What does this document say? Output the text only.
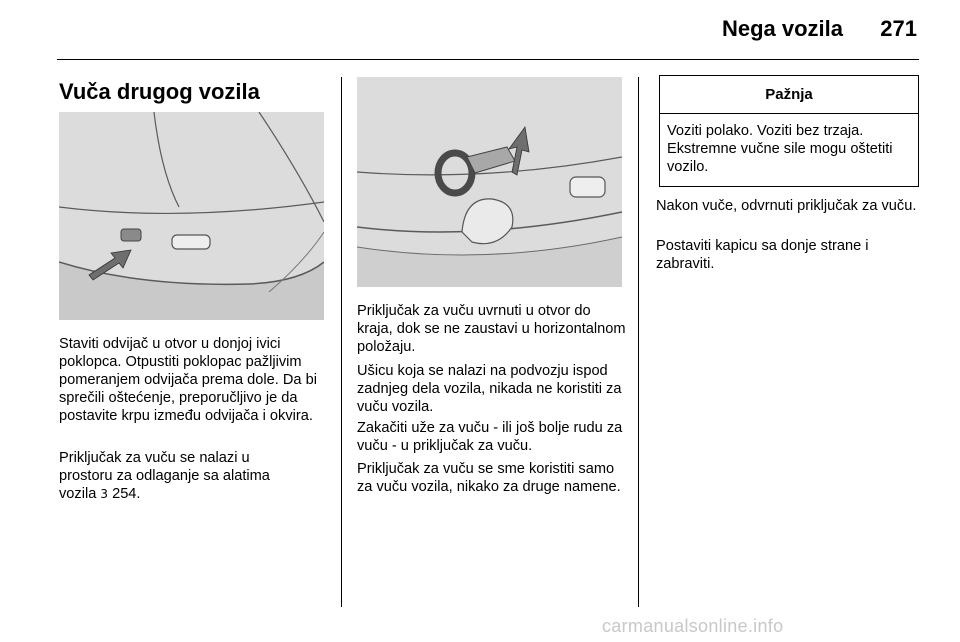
Nega vozila 271
Vuča drugog vozila
Staviti odvijač u otvor u donjoj ivici poklopca. Otpustiti poklopac pažljivim pomeranjem odvijača prema dole. Da bi sprečili oštećenje, preporučljivo je da postavite krpu između odvijača i okvira.
Priključak za vuču se nalazi u prostoru za odlaganje sa alatima vozila 3 254.
Priključak za vuču uvrnuti u otvor do kraja, dok se ne zaustavi u horizontalnom položaju.
Ušicu koja se nalazi na podvozju ispod zadnjeg dela vozila, nikada ne koristiti za vuču vozila.
Zakačiti uže za vuču - ili još bolje rudu za vuču - u priključak za vuču.
Priključak za vuču se sme koristiti samo za vuču vozila, nikako za druge namene.
Pažnja
Voziti polako. Voziti bez trzaja. Ekstremne vučne sile mogu oštetiti vozilo.
Nakon vuče, odvrnuti priključak za vuču.
Postaviti kapicu sa donje strane i zabraviti.
carmanualsonline.info
